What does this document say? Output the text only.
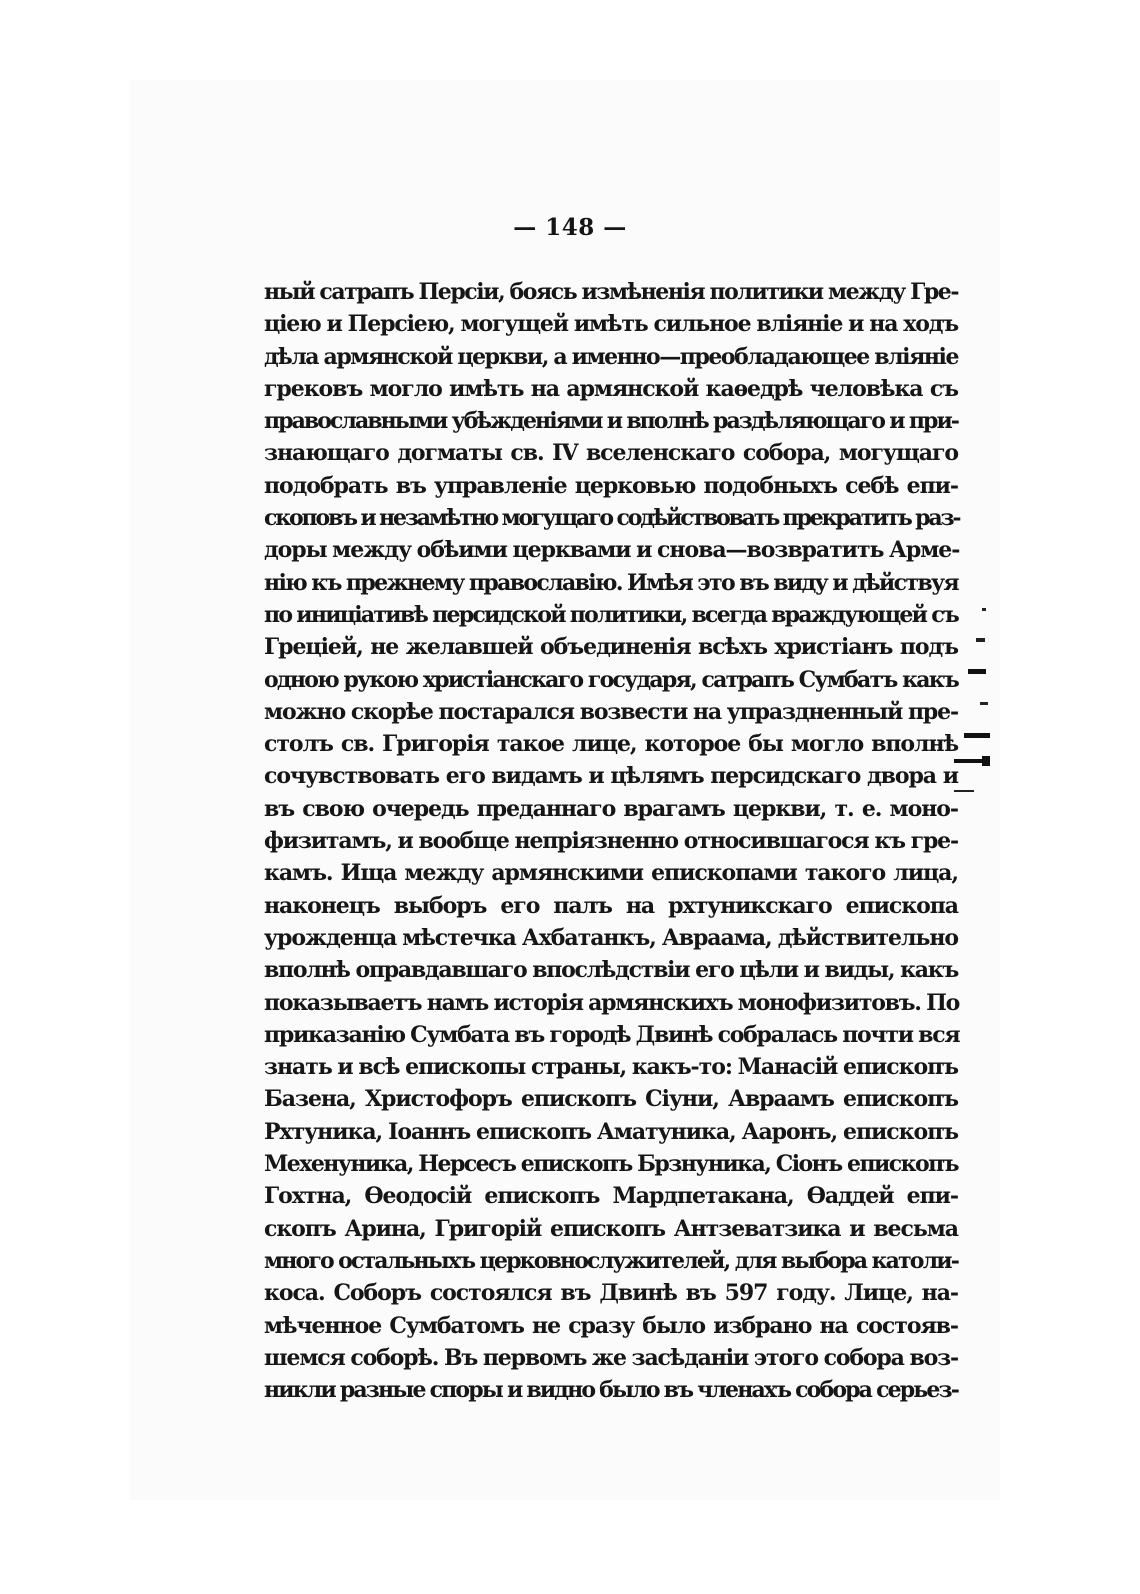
— 148 —

ный сатрапъ Персіи, боясь измѣненія политики между Гре-
ціею и Персіею, могущей имѣть сильное вліяніе и на ходъ
дѣла армянской церкви, а именно—преобладающее вліяніе
грековъ могло имѣть на армянской каѳедрѣ человѣка съ
православными убѣжденіями и вполнѣ раздѣляющаго и при-
знающаго догматы св. IV вселенскаго собора, могущаго
подобрать въ управленіе церковью подобныхъ себѣ епи-
скоповъ и незамѣтно могущаго содѣйствовать прекратить раз-
доры между обѣими церквами и снова—возвратить Арме-
нію къ прежнему православію. Имѣя это въ виду и дѣйствуя
по иниціативѣ персидской политики, всегда враждующей съ
Греціей, не желавшей объединенія всѣхъ христіанъ подъ
одною рукою христіанскаго государя, сатрапъ Сумбатъ какъ
можно скорѣе постарался возвести на упраздненный пре-
столъ св. Григорія такое лице, которое бы могло вполнѣ
сочувствовать его видамъ и цѣлямъ персидскаго двора и
въ свою очередь преданнаго врагамъ церкви, т. е. моно-
физитамъ, и вообще непріязненно относившагося къ гре-
камъ. Ища между армянскими епископами такого лица,
наконецъ выборъ его палъ на рхтуникскаго епископа
урожденца мѣстечка Ахбатанкъ, Авраама, дѣйствительно
вполнѣ оправдавшаго впослѣдствіи его цѣли и виды, какъ
показываетъ намъ исторія армянскихъ монофизитовъ. По
приказанію Сумбата въ городѣ Двинѣ собралась почти вся
знать и всѣ епископы страны, какъ-то: Манасій епископъ
Базена, Христофоръ епископъ Сіуни, Авраамъ епископъ
Рхтуника, Іоаннъ епископъ Аматуника, Ааронъ, епископъ
Мехенуника, Нерсесъ епископъ Брзнуника, Сіонъ епископъ
Гохтна, Ѳеодосій епископъ Мардпетакана, Ѳаддей епи-
скопъ Арина, Григорій епископъ Антзеватзика и весьма
много остальныхъ церковнослужителей, для выбора католи-
коса. Соборъ состоялся въ Двинѣ въ 597 году. Лице, на-
мѣченное Сумбатомъ не сразу было избрано на состояв-
шемся соборѣ. Въ первомъ же засѣданіи этого собора воз-
никли разные споры и видно было въ членахъ собора серьез-
